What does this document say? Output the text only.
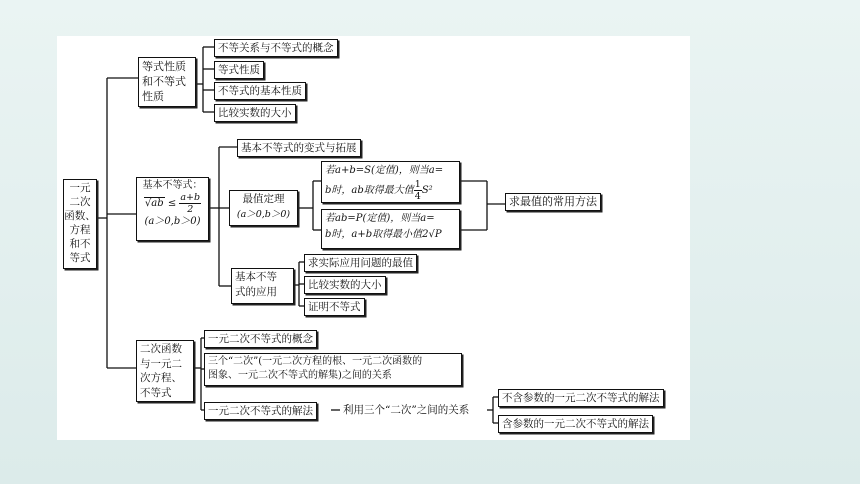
一元
二次
函数、
方程
和不
等式
等式性质
和不等式
性质
不等关系与不等式的概念
等式性质
不等式的基本性质
比较实数的大小
基本不等式：
$√ab \le \frac{a+b}{2}$

(a＞0,b＞0)
基本不等式的变式与拓展
最值定理
(a＞0,b＞0)
若a+b=S(定值)，则当a=
b时，ab取得最大值 $\frac{1}{4} S^2$
若ab=P(定值)，则当a=
b时，a+b取得最小值2√P
求最值的常用方法
基本不等
式的应用
求实际应用问题的最值
比较实数的大小
证明不等式
二次函数
与一元二
次方程、
不等式
一元二次不等式的概念
三个“二次”(一元二次方程的根、一元二次函数的
图象、一元二次不等式的解集)之间的关系
一元二次不等式的解法	利用三个“二次”之间的关系
不含参数的一元二次不等式的解法
含参数的一元二次不等式的解法
